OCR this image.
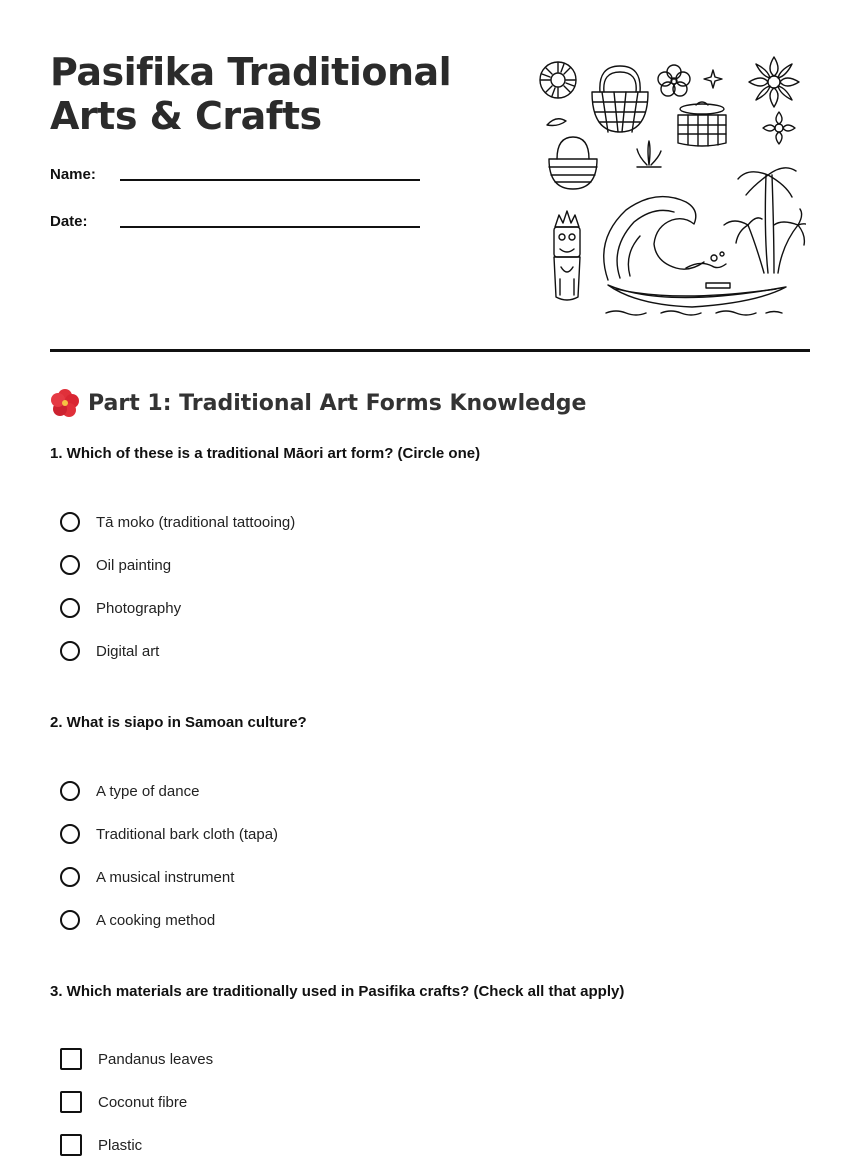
Pasifika Traditional Arts & Crafts
Name:
Date:
Part 1: Traditional Art Forms Knowledge

1. Which of these is a traditional Māori art form? (Circle one)

Tā moko (traditional tattooing)
Oil painting
Photography
Digital art

2. What is siapo in Samoan culture?

A type of dance
Traditional bark cloth (tapa)
A musical instrument
A cooking method

3. Which materials are traditionally used in Pasifika crafts? (Check all that apply)

Pandanus leaves
Coconut fibre
Plastic
